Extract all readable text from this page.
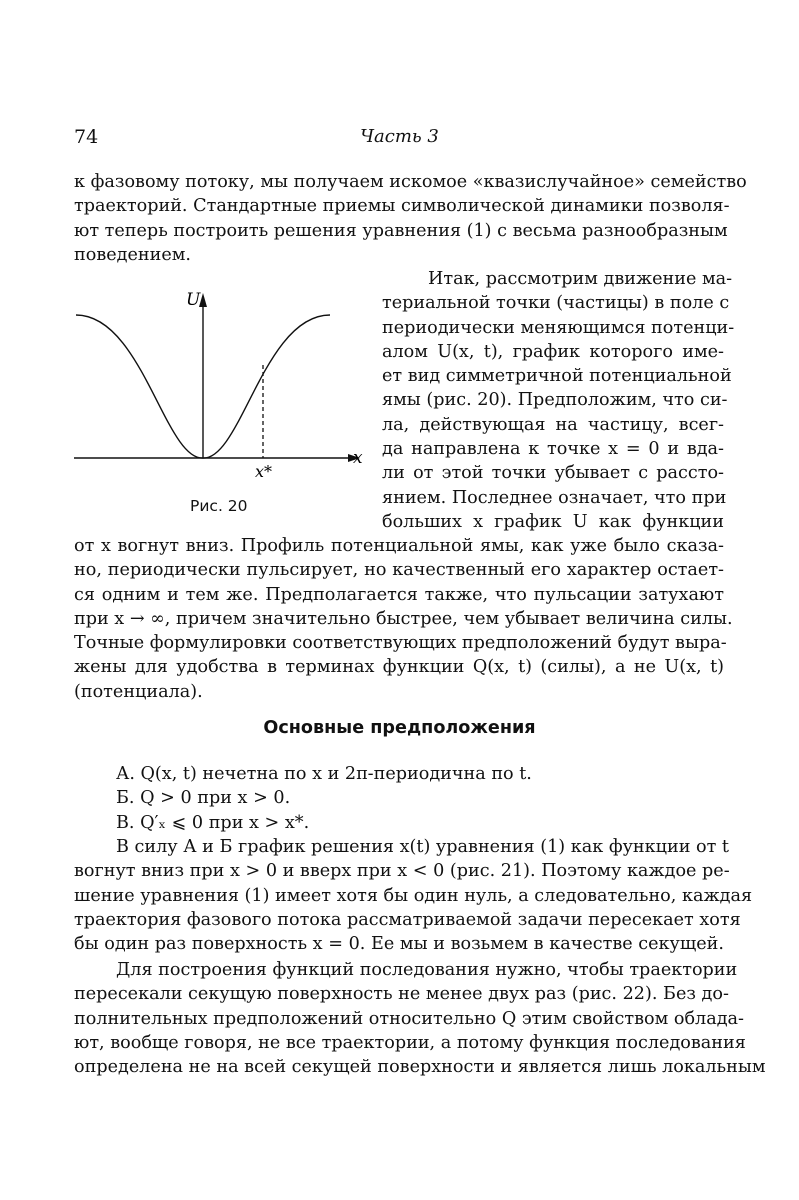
74	Часть 3
к фазовому потоку, мы получаем искомое «квазислучайное» семейство
траекторий. Стандартные приемы символической динамики позволя-
ют теперь построить решения уравнения (1) с весьма разнообразным
поведением.
Итак, рассмотрим движение ма-
териальной точки (частицы) в поле с
периодически меняющимся потенци-
алом U(x, t), график которого име-
ет вид симметричной потенциальной
ямы (рис. 20). Предположим, что си-
ла, действующая на частицу, всег-
да направлена к точке x = 0 и вда-
ли от этой точки убывает с рассто-
янием. Последнее означает, что при
больших x график U как функции
U
x
x*
Рис. 20
от x вогнут вниз. Профиль потенциальной ямы, как уже было сказа-
но, периодически пульсирует, но качественный его характер остает-
ся одним и тем же. Предполагается также, что пульсации затухают
при x → ∞, причем значительно быстрее, чем убывает величина силы.
Точные формулировки соответствующих предположений будут выра-
жены для удобства в терминах функции Q(x, t) (силы), а не U(x, t)
(потенциала).
Основные предположения
А. Q(x, t) нечетна по x и 2π-периодична по t.
Б. Q > 0 при x > 0.
В. Q′ₓ ⩽ 0 при x > x*.
В силу А и Б график решения x(t) уравнения (1) как функции от t
вогнут вниз при x > 0 и вверх при x < 0 (рис. 21). Поэтому каждое ре-
шение уравнения (1) имеет хотя бы один нуль, а следовательно, каждая
траектория фазового потока рассматриваемой задачи пересекает хотя
бы один раз поверхность x = 0. Ее мы и возьмем в качестве секущей.
Для построения функций последования нужно, чтобы траектории
пересекали секущую поверхность не менее двух раз (рис. 22). Без до-
полнительных предположений относительно Q этим свойством облада-
ют, вообще говоря, не все траектории, а потому функция последования
определена не на всей секущей поверхности и является лишь локальным
